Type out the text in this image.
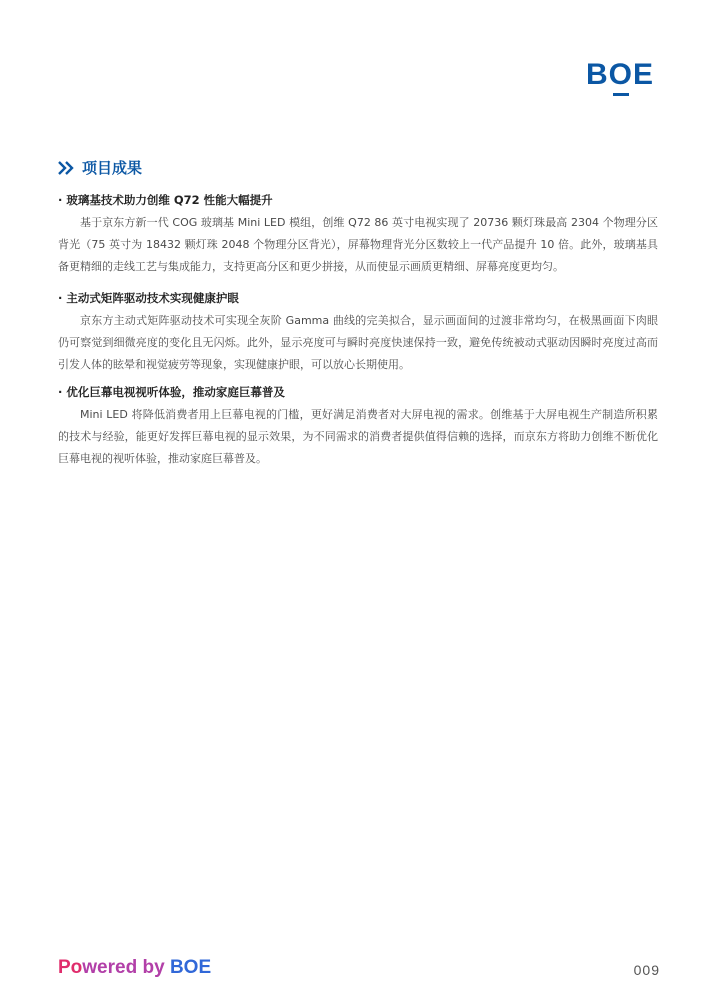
BOE
项目成果

· 玻璃基技术助力创维 Q72 性能大幅提升

基于京东方新一代 COG 玻璃基 Mini LED 模组，创维 Q72 86 英寸电视实现了 20736 颗灯珠最高 2304 个物理分区背光（75 英寸为 18432 颗灯珠 2048 个物理分区背光），屏幕物理背光分区数较上一代产品提升 10 倍。此外，玻璃基具备更精细的走线工艺与集成能力，支持更高分区和更少拼接，从而使显示画质更精细、屏幕亮度更均匀。

· 主动式矩阵驱动技术实现健康护眼

京东方主动式矩阵驱动技术可实现全灰阶 Gamma 曲线的完美拟合，显示画面间的过渡非常均匀，在极黑画面下肉眼仍可察觉到细微亮度的变化且无闪烁。此外，显示亮度可与瞬时亮度快速保持一致，避免传统被动式驱动因瞬时亮度过高而引发人体的眩晕和视觉疲劳等现象，实现健康护眼，可以放心长期使用。

· 优化巨幕电视视听体验，推动家庭巨幕普及

Mini LED 将降低消费者用上巨幕电视的门槛，更好满足消费者对大屏电视的需求。创维基于大屏电视生产制造所积累的技术与经验，能更好发挥巨幕电视的显示效果，为不同需求的消费者提供值得信赖的选择，而京东方将助力创维不断优化巨幕电视的视听体验，推动家庭巨幕普及。

Powered by BOE	009
